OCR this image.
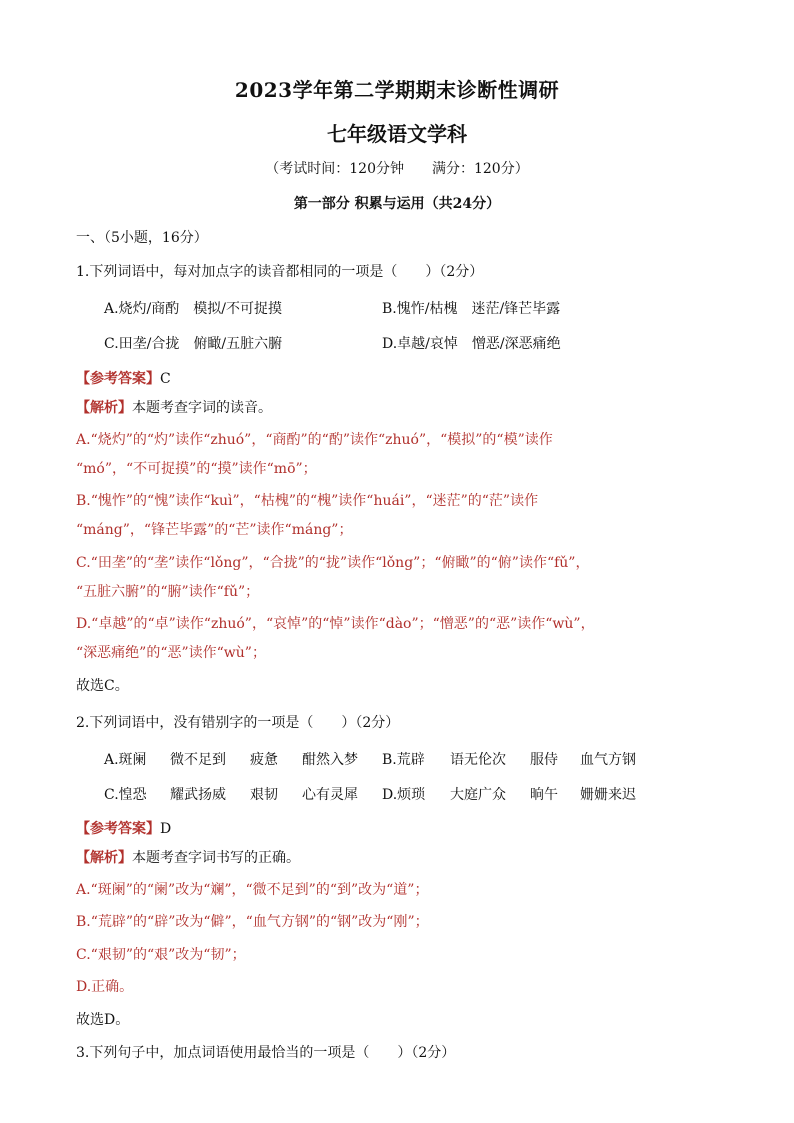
2023学年第二学期期末诊断性调研
七年级语文学科
（考试时间：120分钟　　满分：120分）
第一部分 积累与运用（共24分）
一、（5小题，16分）
1.下列词语中，每对加点字的读音都相同的一项是（　　）（2分）
A.烧灼/商酌　模拟/不可捉摸	B.愧怍/枯槐　迷茫/锋芒毕露
C.田垄/合拢　俯瞰/五脏六腑	D.卓越/哀悼　憎恶/深恶痛绝
【参考答案】C
【解析】本题考查字词的读音。
A.“烧灼”的“灼”读作“zhuó”，“商酌”的“酌”读作“zhuó”，“模拟”的“模”读作
“mó”，“不可捉摸”的“摸”读作“mō”；
B.“愧怍”的“愧”读作“kuì”，“枯槐”的“槐”读作“huái”，“迷茫”的“茫”读作
“máng”，“锋芒毕露”的“芒”读作“máng”；
C.“田垄”的“垄”读作“lǒng”，“合拢”的“拢”读作“lǒng”；“俯瞰”的“俯”读作“fǔ”，
“五脏六腑”的“腑”读作“fǔ”；
D.“卓越”的“卓”读作“zhuó”，“哀悼”的“悼”读作“dào”；“憎恶”的“恶”读作“wù”，
“深恶痛绝”的“恶”读作“wù”；
故选C。
2.下列词语中，没有错别字的一项是（　　）（2分）
A.斑阑 微不足到 疲惫 酣然入梦 B.荒辟 语无伦次 服侍 血气方钢
C.惶恐 耀武扬威 艰韧 心有灵犀 D.烦琐 大庭广众 晌午 姗姗来迟
【参考答案】D
【解析】本题考查字词书写的正确。
A.“斑阑”的“阑”改为“斓”，“微不足到”的“到”改为“道”；
B.“荒辟”的“辟”改为“僻”，“血气方钢”的“钢”改为“刚”；
C.“艰韧”的“艰”改为“韧”；
D.正确。
故选D。
3.下列句子中，加点词语使用最恰当的一项是（　　）（2分）
